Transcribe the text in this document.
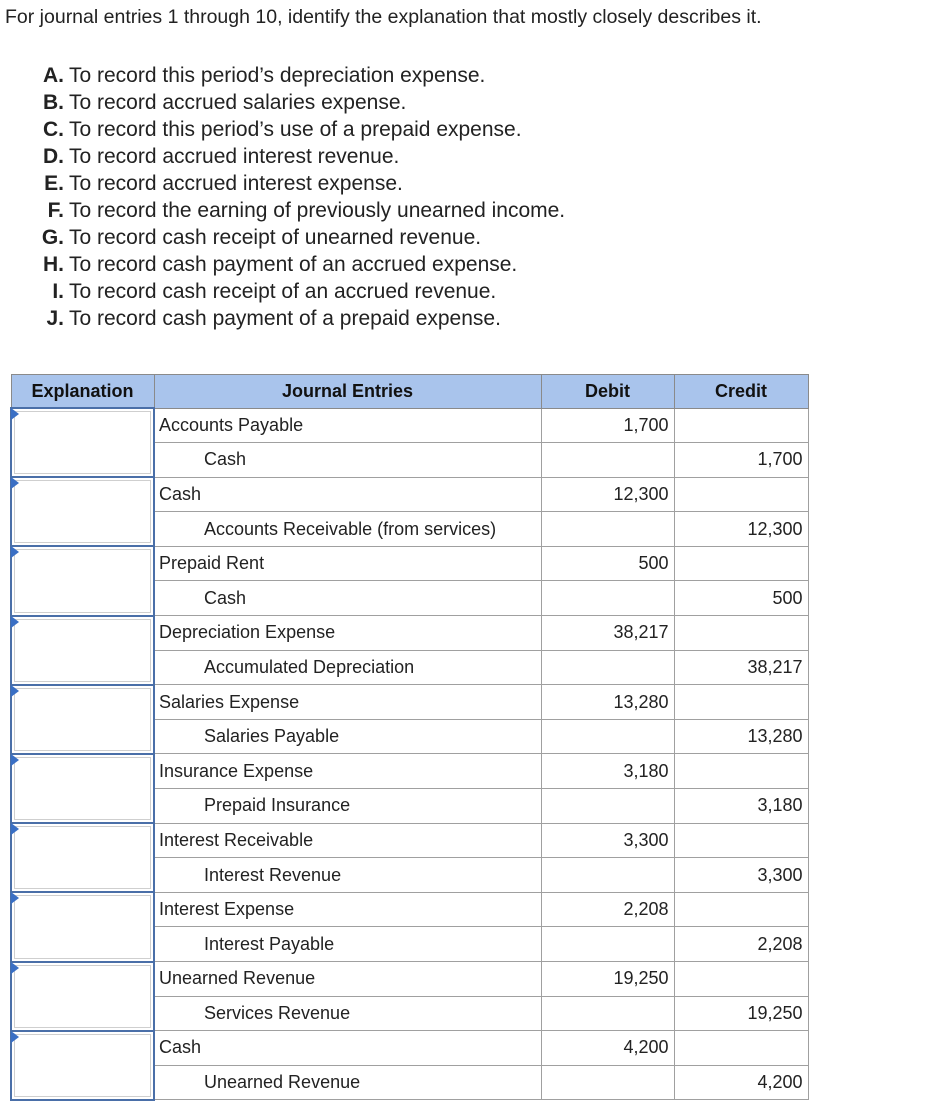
For journal entries 1 through 10, identify the explanation that mostly closely describes it.
A. To record this period’s depreciation expense.
B. To record accrued salaries expense.
C. To record this period’s use of a prepaid expense.
D. To record accrued interest revenue.
E. To record accrued interest expense.
F. To record the earning of previously unearned income.
G. To record cash receipt of unearned revenue.
H. To record cash payment of an accrued expense.
I. To record cash receipt of an accrued revenue.
J. To record cash payment of a prepaid expense.
Explanation	Journal Entries	Debit	Credit

	Accounts Payable	1,700	
	Cash		1,700

	Cash	12,300	
	Accounts Receivable (from services)		12,300

	Prepaid Rent	500	
	Cash		500

	Depreciation Expense	38,217	
	Accumulated Depreciation		38,217

	Salaries Expense	13,280	
	Salaries Payable		13,280

	Insurance Expense	3,180	
	Prepaid Insurance		3,180

	Interest Receivable	3,300	
	Interest Revenue		3,300

	Interest Expense	2,208	
	Interest Payable		2,208

	Unearned Revenue	19,250	
	Services Revenue		19,250

	Cash	4,200	
	Unearned Revenue		4,200
